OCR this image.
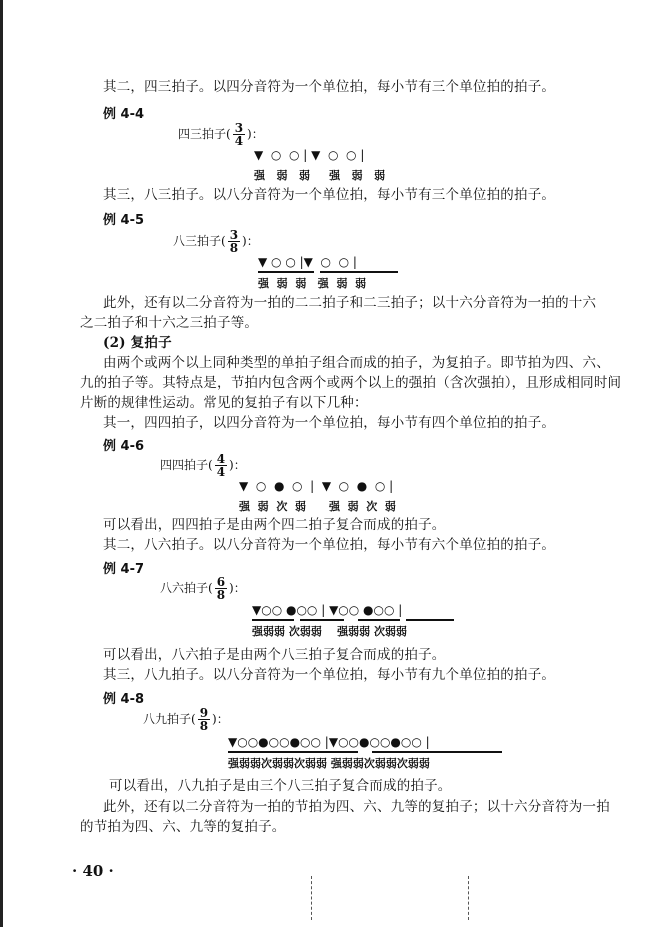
其二，四三拍子。以四分音符为一个单位拍，每小节有三个单位拍的拍子。
例 4-4
四三拍子( $\frac{3}{4}$ )：
▼  ○  ○ | ▼  ○  ○ |
强   弱   弱     强   弱   弱
其三，八三拍子。以八分音符为一个单位拍，每小节有三个单位拍的拍子。
例 4-5
八三拍子( $\frac{3}{8}$ )：
▼ ○ ○ |▼  ○  ○ |
强  弱  弱   强  弱  弱
此外，还有以二分音符为一拍的二二拍子和二三拍子；以十六分音符为一拍的十六
之二拍子和十六之三拍子等。
(2) 复拍子
由两个或两个以上同种类型的单拍子组合而成的拍子，为复拍子。即节拍为四、六、
九的拍子等。其特点是，节拍内包含两个或两个以上的强拍（含次强拍），且形成相同时间
片断的规律性运动。常见的复拍子有以下几种：
其一，四四拍子，以四分音符为一个单位拍，每小节有四个单位拍的拍子。
例 4-6
四四拍子( $\frac{4}{4}$ )：
▼  ○  ●  ○  |  ▼  ○  ●  ○ |
强  弱  次  弱      强  弱  次  弱
可以看出，四四拍子是由两个四二拍子复合而成的拍子。
其二，八六拍子。以八分音符为一个单位拍，每小节有六个单位拍的拍子。
例 4-7
八六拍子( $\frac{6}{8}$ )：
▼○○ ●○○ | ▼○○ ●○○ |
强弱弱 次弱弱    强弱弱 次弱弱
可以看出，八六拍子是由两个八三拍子复合而成的拍子。
其三，八九拍子。以八分音符为一个单位拍，每小节有九个单位拍的拍子。
例 4-8
八九拍子( $\frac{9}{8}$ )：
▼○○●○○●○○ |▼○○●○○●○○ |
强弱弱次弱弱次弱弱 强弱弱次弱弱次弱弱
可以看出，八九拍子是由三个八三拍子复合而成的拍子。
此外，还有以二分音符为一拍的节拍为四、六、九等的复拍子；以十六分音符为一拍
的节拍为四、六、九等的复拍子。
· 40 ·
